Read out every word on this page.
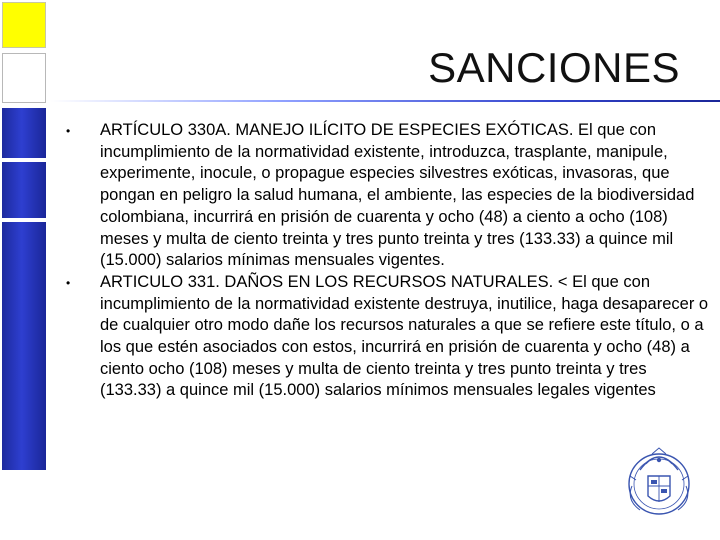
SANCIONES
• ARTÍCULO 330A. MANEJO ILÍCITO DE ESPECIES EXÓTICAS. El que con incumplimiento de la normatividad existente, introduzca, trasplante, manipule, experimente, inocule, o propague especies silvestres exóticas, invasoras, que pongan en peligro la salud humana, el ambiente, las especies de la biodiversidad colombiana, incurrirá en prisión de cuarenta y ocho (48) a ciento a ocho (108) meses y multa de ciento treinta y tres punto treinta y tres (133.33) a quince mil (15.000) salarios mínimas mensuales vigentes.
• ARTICULO 331. DAÑOS EN LOS RECURSOS NATURALES. < El que con incumplimiento de la normatividad existente destruya, inutilice, haga desaparecer o de cualquier otro modo dañe los recursos naturales a que se refiere este título, o a los que estén asociados con estos, incurrirá en prisión de cuarenta y ocho (48) a ciento ocho (108) meses y multa de ciento treinta y tres punto treinta y tres (133.33) a quince mil (15.000) salarios mínimos mensuales legales vigentes
